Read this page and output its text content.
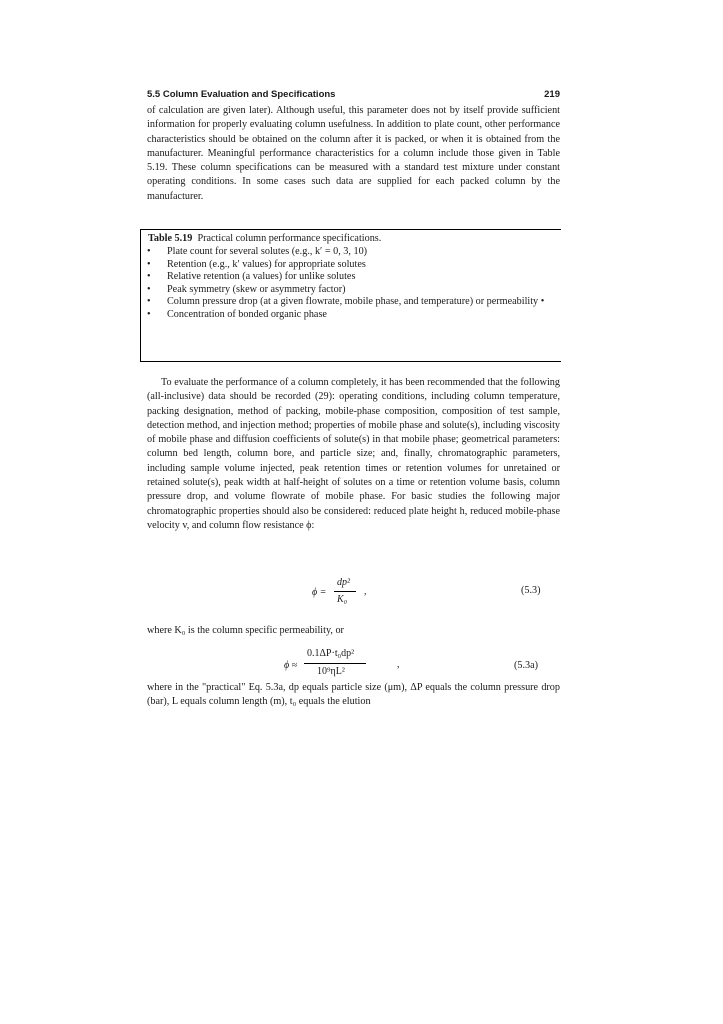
5.5 Column Evaluation and Specifications	219

of calculation are given later). Although useful, this parameter does not by itself provide sufficient information for properly evaluating column usefulness. In addition to plate count, other performance characteristics should be obtained on the column after it is packed, or when it is obtained from the manufacturer. Meaningful performance characteristics for a column include those given in Table 5.19. These column specifications can be measured with a standard test mixture under constant operating conditions. In some cases such data are supplied for each packed column by the manufacturer.

Table 5.19 Practical column performance specifications.
• Plate count for several solutes (e.g., k′ = 0, 3, 10)
• Retention (e.g., k′ values) for appropriate solutes
• Relative retention (a values) for unlike solutes
• Peak symmetry (skew or asymmetry factor)
• Column pressure drop (at a given flowrate, mobile phase, and temperature) or permeability •
• Concentration of bonded organic phase

To evaluate the performance of a column completely, it has been recommended that the following (all-inclusive) data should be recorded (29): operating conditions, including column temperature, packing designation, method of packing, mobile-phase composition, composition of test sample, detection method, and injection method; properties of mobile phase and solute(s), including viscosity of mobile phase and diffusion coefficients of solute(s) in that mobile phase; geometrical parameters: column bed length, column bore, and particle size; and, finally, chromatographic parameters, including sample volume injected, peak retention times or retention volumes for unretained or retained solute(s), peak width at half-height of solutes on a time or retention volume basis, column pressure drop, and volume flowrate of mobile phase. For basic studies the following major chromatographic properties should also be considered: reduced plate height h, reduced mobile-phase velocity v, and column flow resistance ϕ:

ϕ =
dp²
K₀
,	(5.3)

where K₀ is the column specific permeability, or

ϕ ≈
0.1ΔP·t₀dp²
10⁹ηL²
,	(5.3a)

where in the "practical" Eq. 5.3a, dp equals particle size (μm), ΔP equals the column pressure drop (bar), L equals column length (m), t₀ equals the elution
